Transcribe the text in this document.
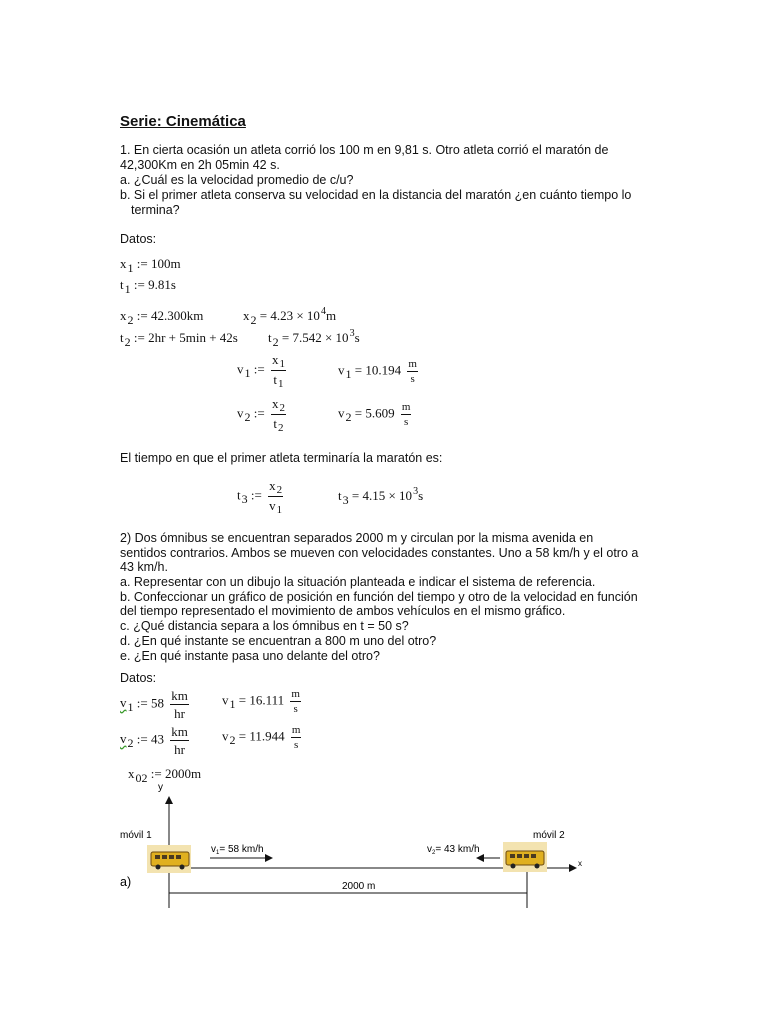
Serie: Cinemática
1. En cierta ocasión un atleta corrió los 100 m en 9,81 s. Otro atleta corrió el maratón de
42,300Km en 2h 05min 42 s.
a. ¿Cuál es la velocidad promedio de c/u?
b. Si el primer atleta conserva su velocidad en la distancia del maratón ¿en cuánto tiempo lo
termina?
Datos:
x1 := 100m
t1 := 9.81s
x2 := 42.300km	$x2 = 4.23 \times 10^4m$
t2 := 2hr + 5min + 42s $t2 = 7.542 \times 10^3s$
v1 := $\frac{x_1}{t_1}$	$v1 = 10.194 \frac{m}{s}$
v2 := $\frac{x_2}{t_2}$	$v2 = 5.609 \frac{m}{s}$
El tiempo en que el primer atleta terminaría la maratón es:
t3 := $\frac{x_2}{v_1}$	$t3 = 4.15 \times 10^3s$
2) Dos ómnibus se encuentran separados 2000 m y circulan por la misma avenida en
sentidos contrarios. Ambos se mueven con velocidades constantes. Uno a 58 km/h y el otro a
43 km/h.
a. Representar con un dibujo la situación planteada e indicar el sistema de referencia.
b. Confeccionar un gráfico de posición en función del tiempo y otro de la velocidad en función
del tiempo representado el movimiento de ambos vehículos en el mismo gráfico.
c. ¿Qué distancia separa a los ómnibus en t = 50 s?
d. ¿En qué instante se encuentran a 800 m uno del otro?
e. ¿En qué instante pasa uno delante del otro?
Datos:
v1 := $58 \frac{km}{hr}$	$v1 = 16.111 \frac{m}{s}$
v2 := $43 \frac{km}{hr}$	$v2 = 11.944 \frac{m}{s}$
x02 := 2000m
y
x
móvil 1	móvil 2
$v_1= 58$ km/h	$v_2= 43$ km/h
2000 m
a)
